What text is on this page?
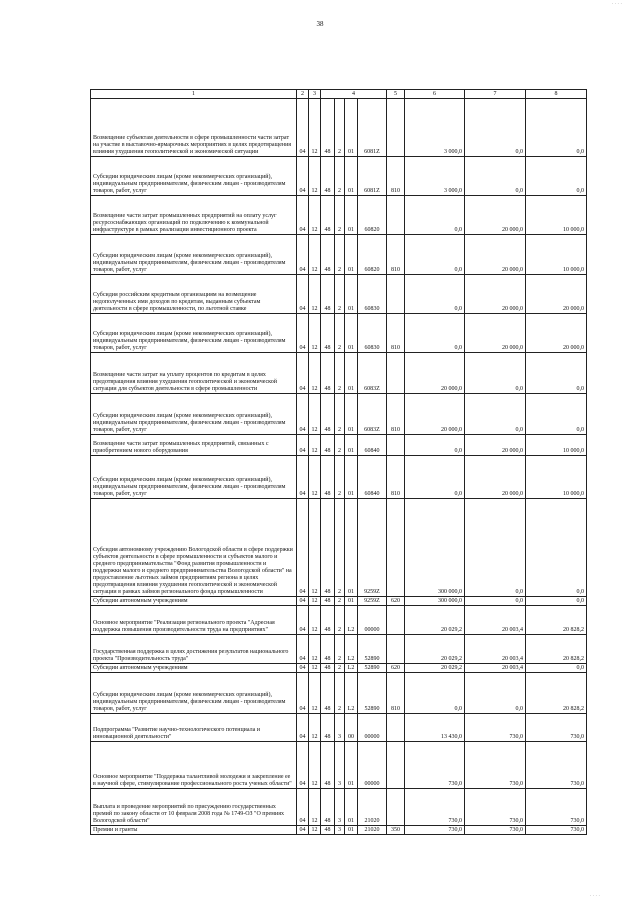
· · · ·
38
1	2	3	4				5	6	7	8
Возмещение субъектам деятельности в сфере промышленности части затрат на участие в выставочно-ярмарочных мероприятиях в целях предотвращения влияния ухудшения геополитической и экономической ситуации	04	12	48	2	01	6081Z		3 000,0	0,0	0,0
Субсидии юридическим лицам (кроме некоммерческих организаций), индивидуальным предпринимателям, физическим лицам - производителям товаров, работ, услуг	04	12	48	2	01	6081Z	810	3 000,0	0,0	0,0
Возмещение части затрат промышленных предприятий на оплату услуг ресурсоснабжающих организаций по подключению к коммунальной инфраструктуре в рамках реализации инвестиционного проекта	04	12	48	2	01	60820		0,0	20 000,0	10 000,0
Субсидии юридическим лицам (кроме некоммерческих организаций), индивидуальным предпринимателям, физическим лицам - производителям товаров, работ, услуг	04	12	48	2	01	60820	810	0,0	20 000,0	10 000,0
Субсидия российским кредитным организациям на возмещение недополученных ими доходов по кредитам, выданным субъектам деятельности в сфере промышленности, по льготной ставке	04	12	48	2	01	60830		0,0	20 000,0	20 000,0
Субсидии юридическим лицам (кроме некоммерческих организаций), индивидуальным предпринимателям, физическим лицам - производителям товаров, работ, услуг	04	12	48	2	01	60830	810	0,0	20 000,0	20 000,0
Возмещение части затрат на уплату процентов по кредитам в целях предотвращения влияния ухудшения геополитической и экономической ситуации для субъектов деятельности в сфере промышленности	04	12	48	2	01	6083Z		20 000,0	0,0	0,0
Субсидии юридическим лицам (кроме некоммерческих организаций), индивидуальным предпринимателям, физическим лицам - производителям товаров, работ, услуг	04	12	48	2	01	6083Z	810	20 000,0	0,0	0,0
Возмещение части затрат промышленных предприятий, связанных с приобретением нового оборудования	04	12	48	2	01	60840		0,0	20 000,0	10 000,0
Субсидии юридическим лицам (кроме некоммерческих организаций), индивидуальным предпринимателям, физическим лицам - производителям товаров, работ, услуг	04	12	48	2	01	60840	810	0,0	20 000,0	10 000,0
Субсидия автономному учреждению Вологодской области в сфере поддержки субъектов деятельности в сфере промышленности и субъектов малого и среднего предпринимательства "Фонд развития промышленности и поддержки малого и среднего предпринимательства Вологодской области" на предоставление льготных займов предприятиям региона в целях предотвращения влияния ухудшения геополитической и экономической ситуации в рамках займов регионального фонда промышленности	04	12	48	2	01	9259Z		300 000,0	0,0	0,0
Субсидии автономным учреждениям	04	12	48	2	01	9259Z	620	300 000,0	0,0	0,0
Основное мероприятие "Реализация регионального проекта "Адресная поддержка повышения производительности труда на предприятиях"	04	12	48	2	L2	00000		20 029,2	20 003,4	20 828,2
Государственная поддержка в целях достижения результатов национального проекта "Производительность труда"	04	12	48	2	L2	52890		20 029,2	20 003,4	20 828,2
Субсидии автономным учреждениям	04	12	48	2	L2	52890	620	20 029,2	20 003,4	0,0
Субсидии юридическим лицам (кроме некоммерческих организаций), индивидуальным предпринимателям, физическим лицам - производителям товаров, работ, услуг	04	12	48	2	L2	52890	810	0,0	0,0	20 828,2
Подпрограмма "Развитие научно-технологического потенциала и инновационной деятельности"	04	12	48	3	00	00000		13 430,0	730,0	730,0
Основное мероприятие "Поддержка талантливой молодежи и закрепление ее в научной сфере, стимулирование профессионального роста ученых области"	04	12	48	3	01	00000		730,0	730,0	730,0
Выплата и проведение мероприятий по присуждению государственных премий по закону области от 10 февраля 2008 года № 1749-ОЗ "О премиях Вологодской области"	04	12	48	3	01	21020		730,0	730,0	730,0
Премии и гранты	04	12	48	3	01	21020	350	730,0	730,0	730,0
· · · ·
